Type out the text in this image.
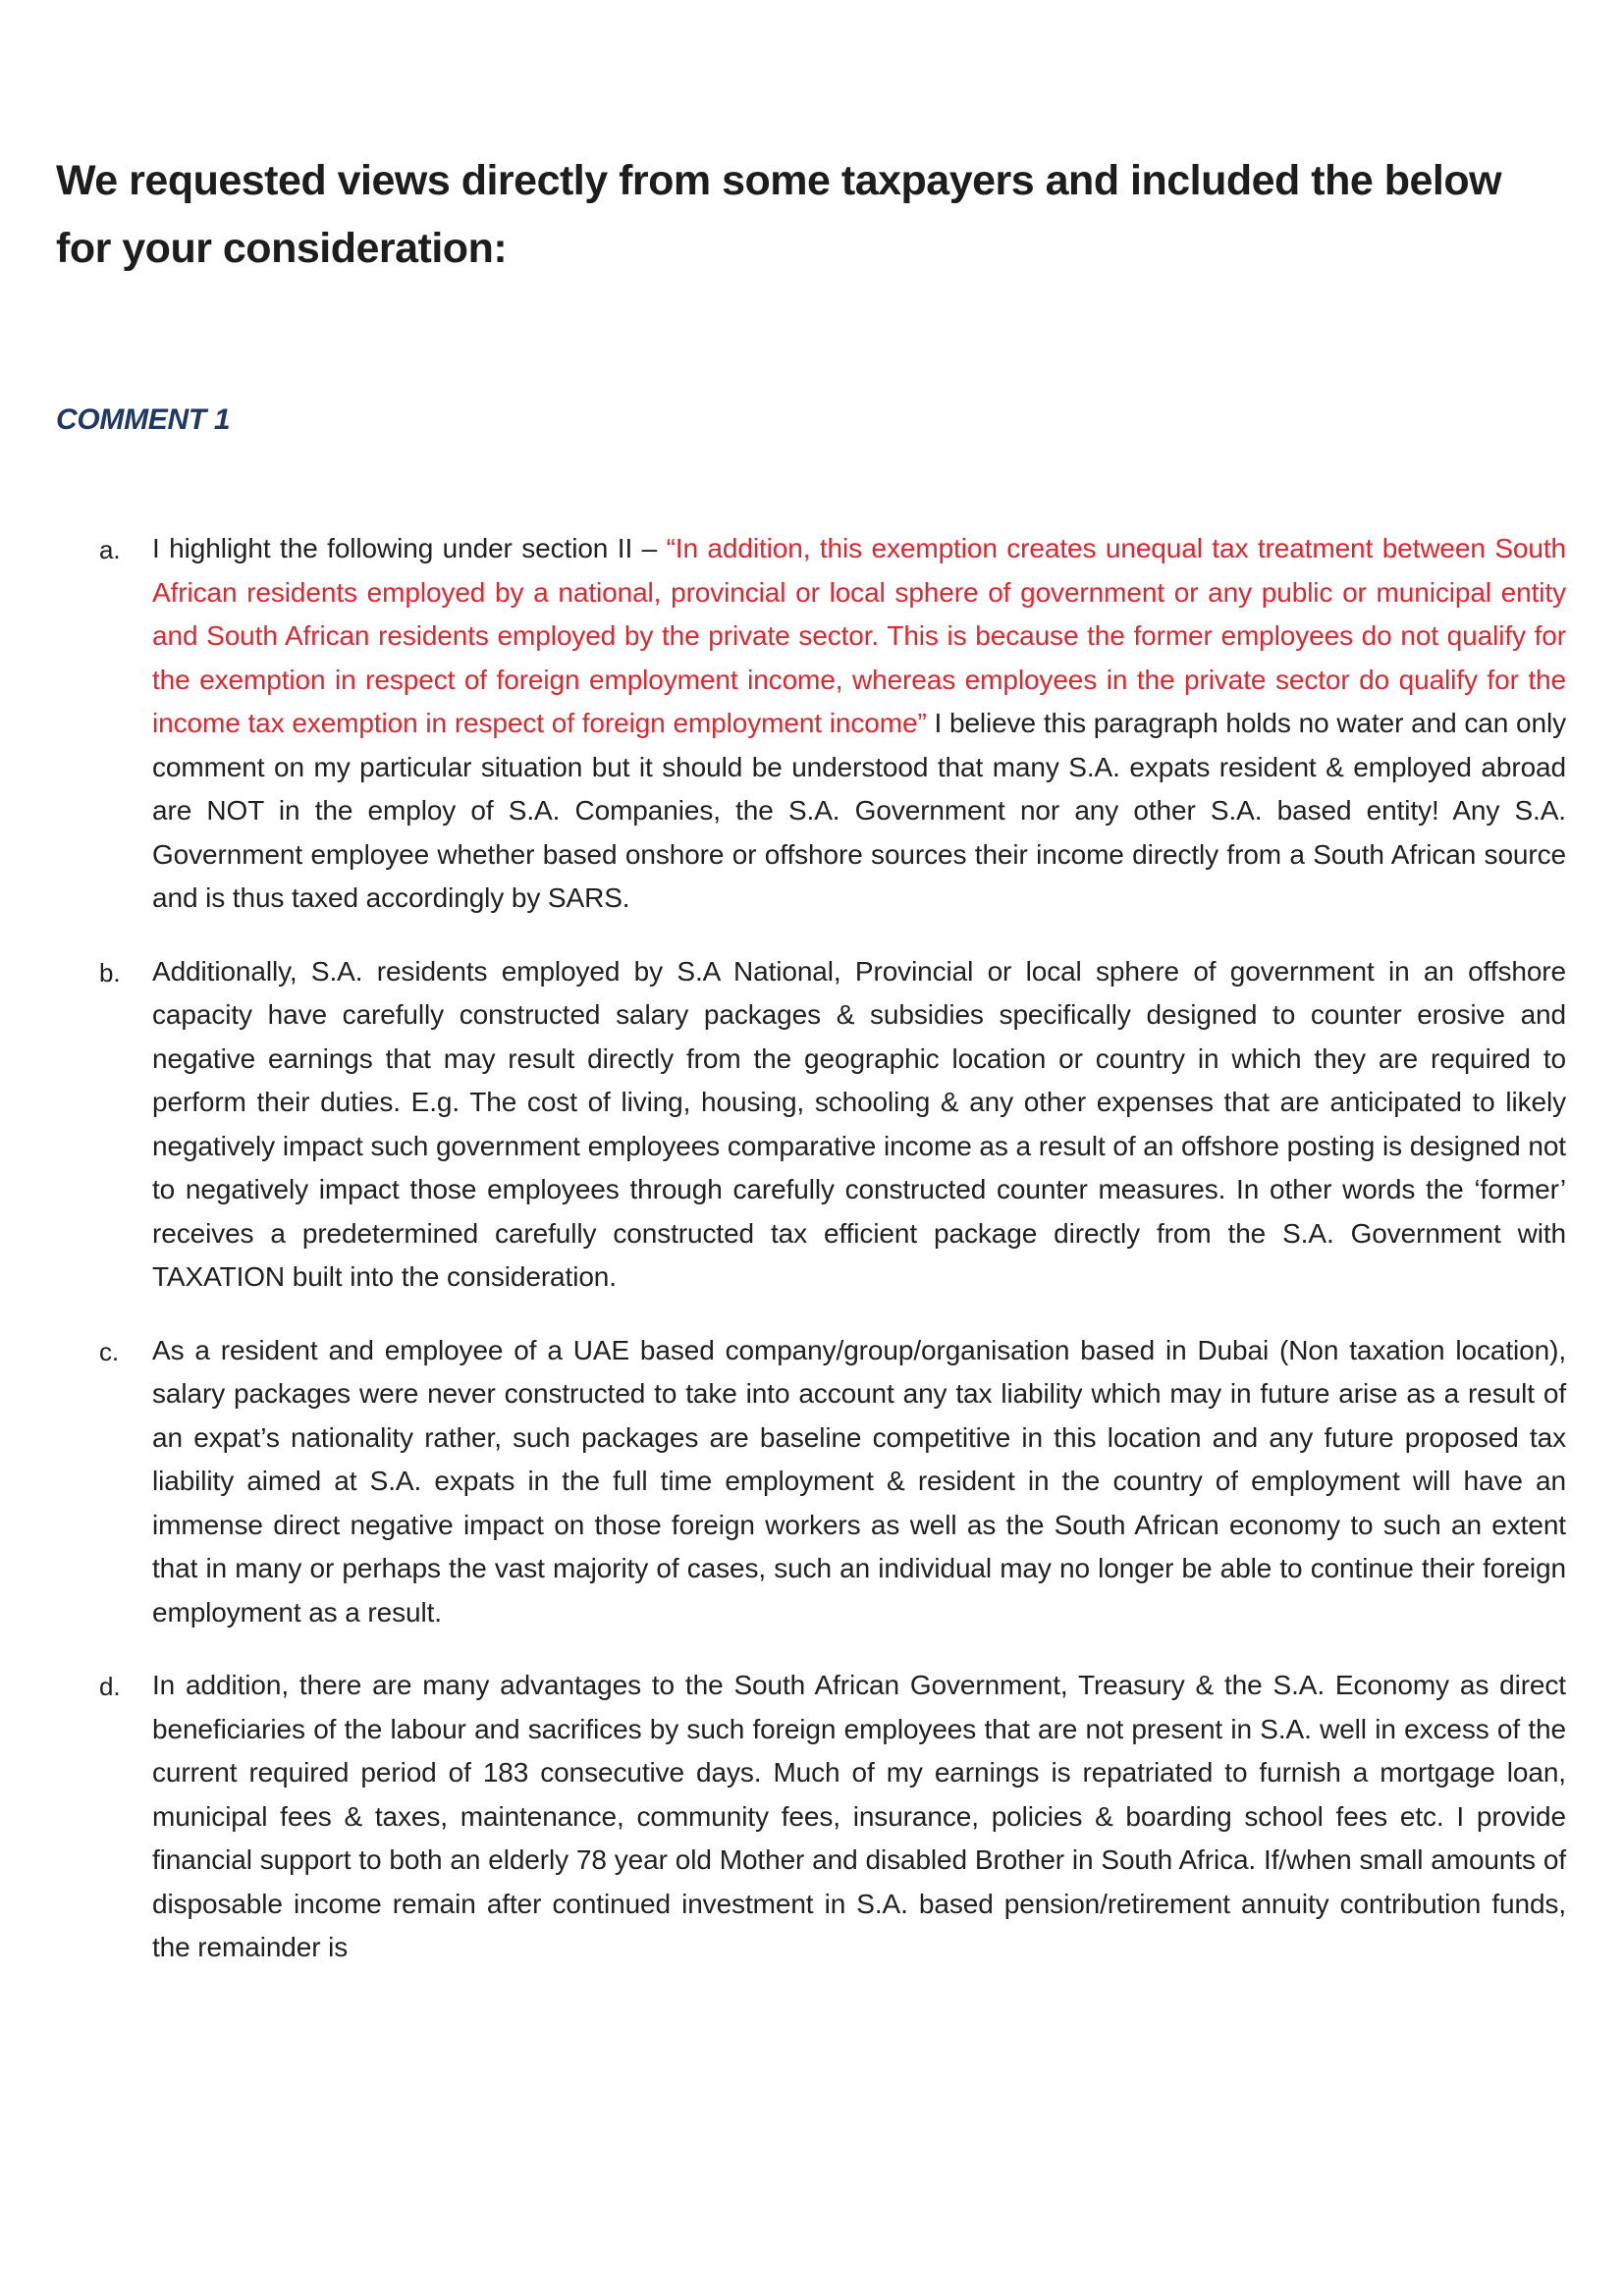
We requested views directly from some taxpayers and included the below for your consideration:
COMMENT 1
a. I highlight the following under section II – “In addition, this exemption creates unequal tax treatment between South African residents employed by a national, provincial or local sphere of government or any public or municipal entity and South African residents employed by the private sector. This is because the former employees do not qualify for the exemption in respect of foreign employment income, whereas employees in the private sector do qualify for the income tax exemption in respect of foreign employment income” I believe this paragraph holds no water and can only comment on my particular situation but it should be understood that many S.A. expats resident & employed abroad are NOT in the employ of S.A. Companies, the S.A. Government nor any other S.A. based entity! Any S.A. Government employee whether based onshore or offshore sources their income directly from a South African source and is thus taxed accordingly by SARS.
b. Additionally, S.A. residents employed by S.A National, Provincial or local sphere of government in an offshore capacity have carefully constructed salary packages & subsidies specifically designed to counter erosive and negative earnings that may result directly from the geographic location or country in which they are required to perform their duties. E.g. The cost of living, housing, schooling & any other expenses that are anticipated to likely negatively impact such government employees comparative income as a result of an offshore posting is designed not to negatively impact those employees through carefully constructed counter measures. In other words the ‘former’ receives a predetermined carefully constructed tax efficient package directly from the S.A. Government with TAXATION built into the consideration.
c. As a resident and employee of a UAE based company/group/organisation based in Dubai (Non taxation location), salary packages were never constructed to take into account any tax liability which may in future arise as a result of an expat’s nationality rather, such packages are baseline competitive in this location and any future proposed tax liability aimed at S.A. expats in the full time employment & resident in the country of employment will have an immense direct negative impact on those foreign workers as well as the South African economy to such an extent that in many or perhaps the vast majority of cases, such an individual may no longer be able to continue their foreign employment as a result.
d. In addition, there are many advantages to the South African Government, Treasury & the S.A. Economy as direct beneficiaries of the labour and sacrifices by such foreign employees that are not present in S.A. well in excess of the current required period of 183 consecutive days. Much of my earnings is repatriated to furnish a mortgage loan, municipal fees & taxes, maintenance, community fees, insurance, policies & boarding school fees etc. I provide financial support to both an elderly 78 year old Mother and disabled Brother in South Africa. If/when small amounts of disposable income remain after continued investment in S.A. based pension/retirement annuity contribution funds, the remainder is
